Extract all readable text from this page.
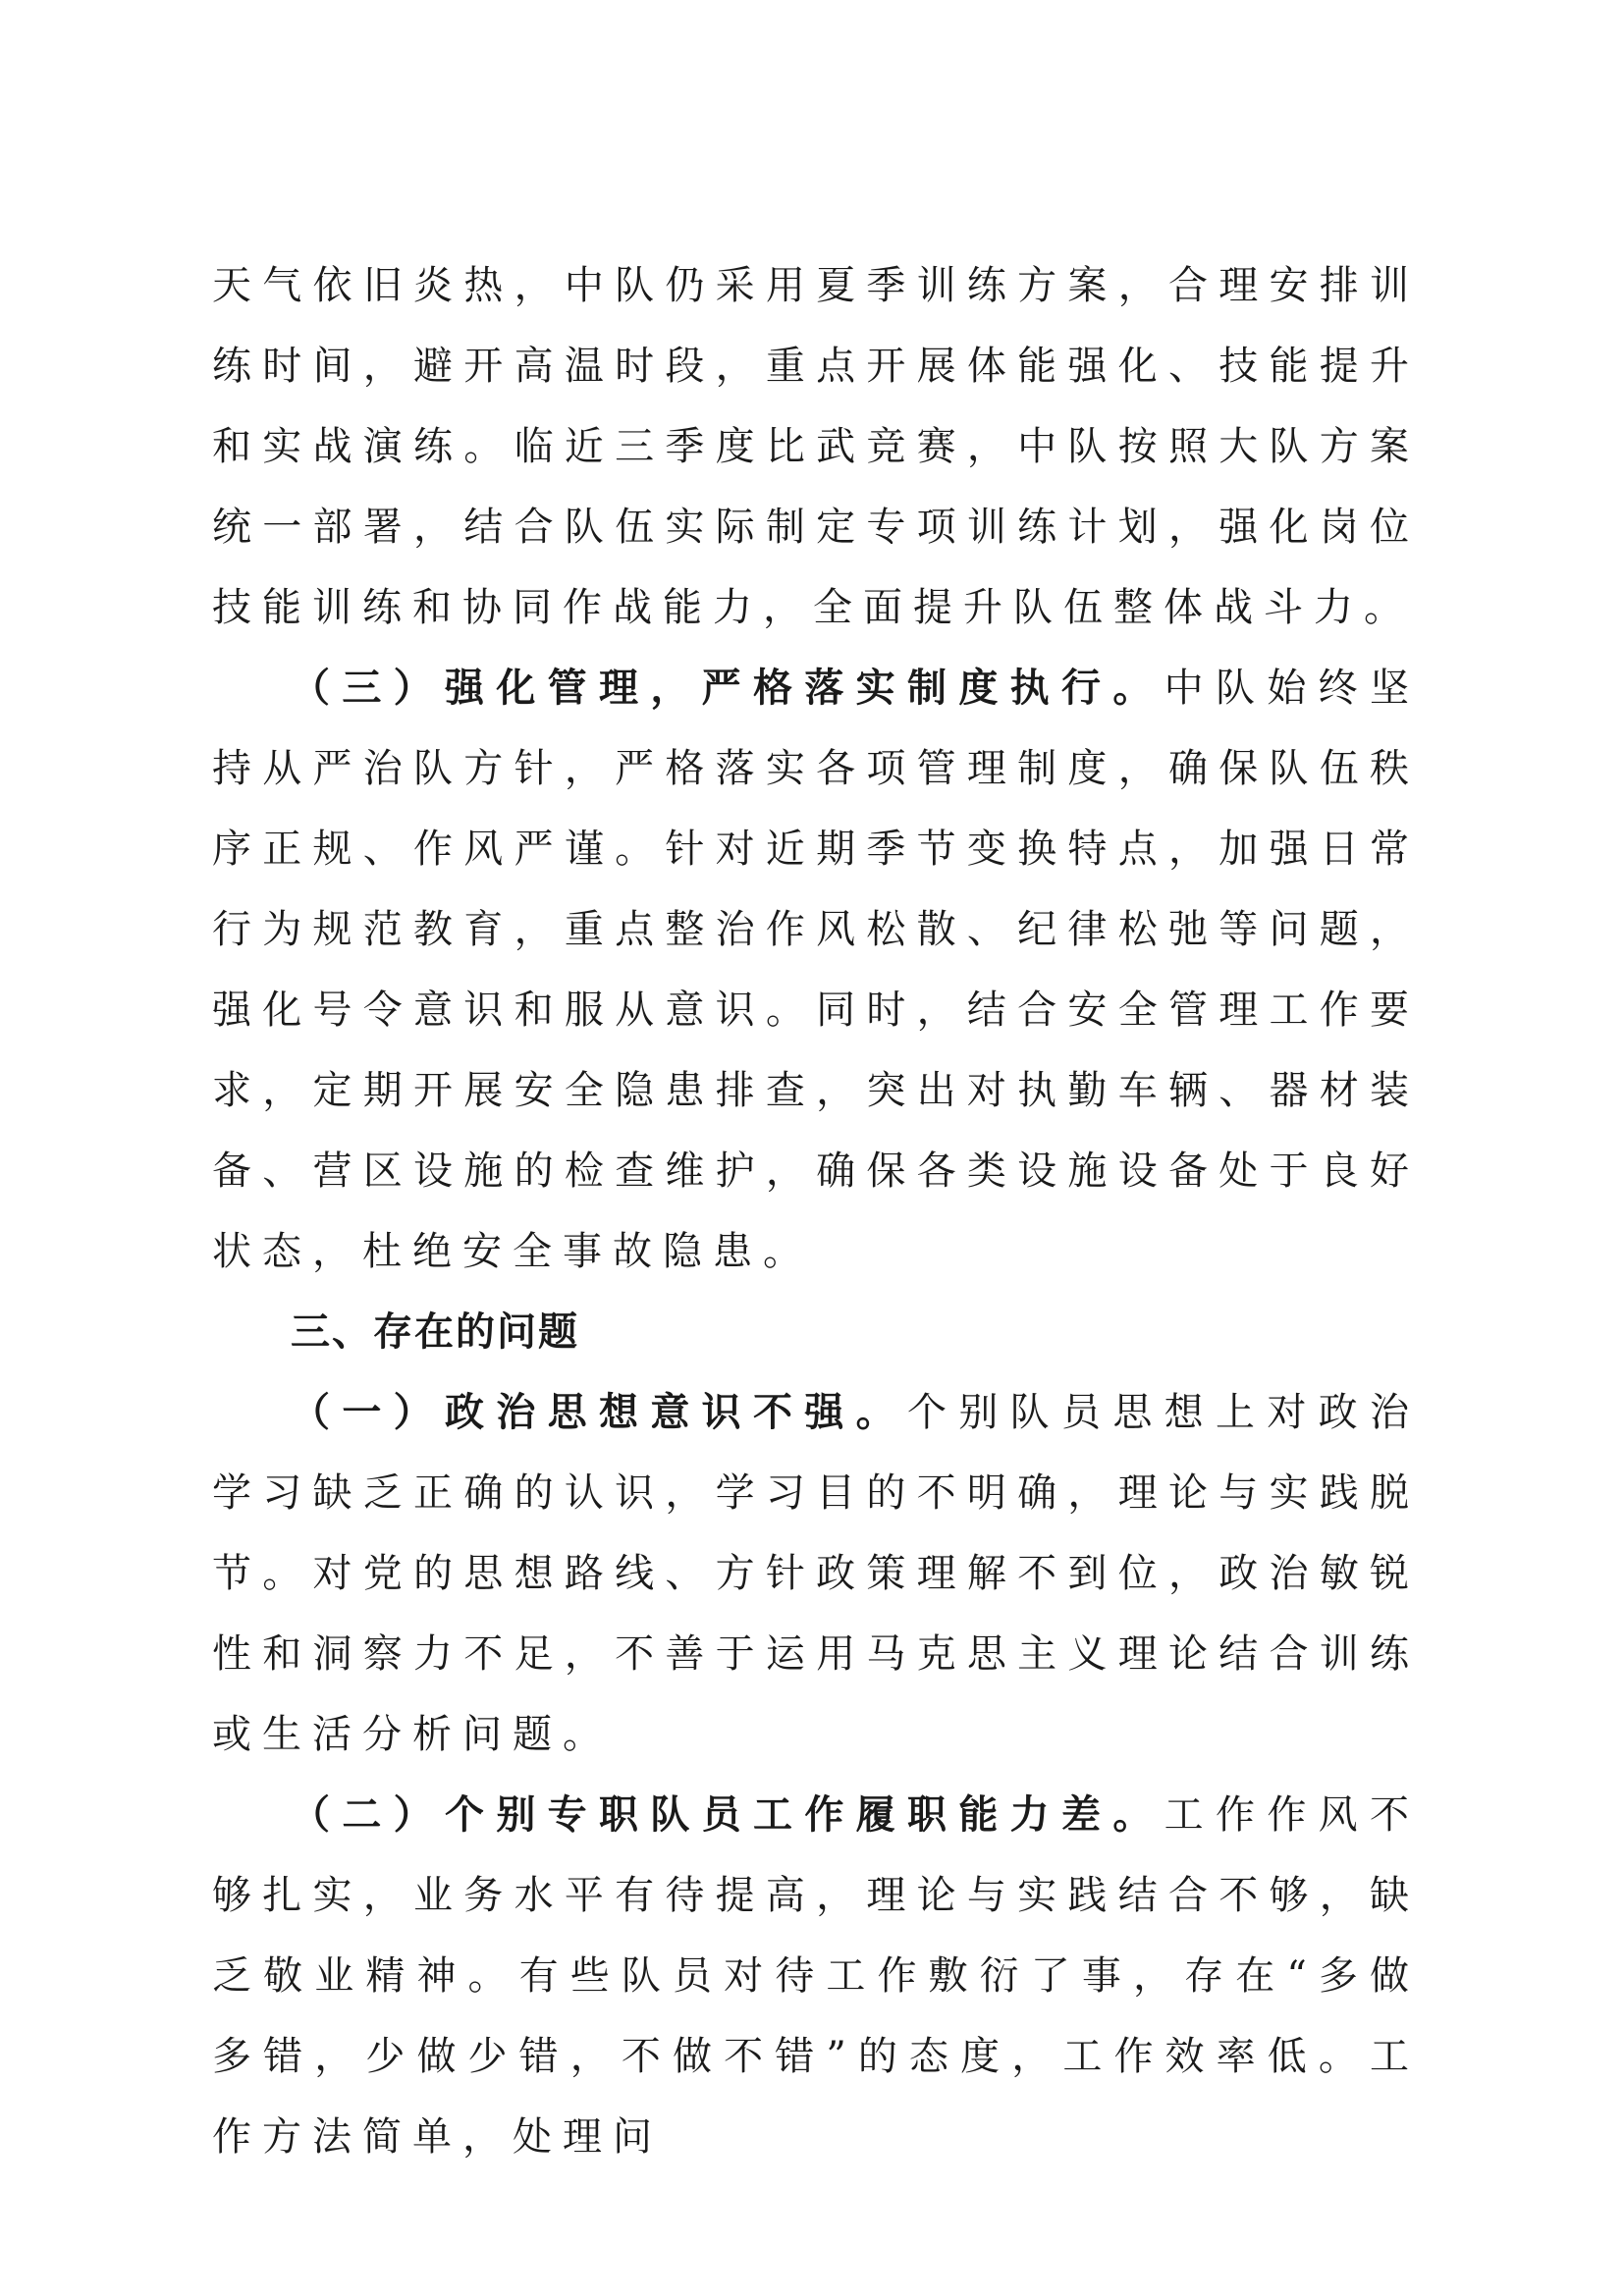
天气依旧炎热，中队仍采用夏季训练方案，合理安排训练时间，避开高温时段，重点开展体能强化、技能提升和实战演练。临近三季度比武竞赛，中队按照大队方案统一部署，结合队伍实际制定专项训练计划，强化岗位技能训练和协同作战能力，全面提升队伍整体战斗力。

（三）强化管理，严格落实制度执行。中队始终坚持从严治队方针，严格落实各项管理制度，确保队伍秩序正规、作风严谨。针对近期季节变换特点，加强日常行为规范教育，重点整治作风松散、纪律松弛等问题，强化号令意识和服从意识。同时，结合安全管理工作要求，定期开展安全隐患排查，突出对执勤车辆、器材装备、营区设施的检查维护，确保各类设施设备处于良好状态，杜绝安全事故隐患。

三、存在的问题

（一）政治思想意识不强。个别队员思想上对政治学习缺乏正确的认识，学习目的不明确，理论与实践脱节。对党的思想路线、方针政策理解不到位，政治敏锐性和洞察力不足，不善于运用马克思主义理论结合训练或生活分析问题。

（二）个别专职队员工作履职能力差。工作作风不够扎实，业务水平有待提高，理论与实践结合不够，缺乏敬业精神。有些队员对待工作敷衍了事，存在“多做多错，少做少错，不做不错”的态度，工作效率低。工作方法简单，处理问
